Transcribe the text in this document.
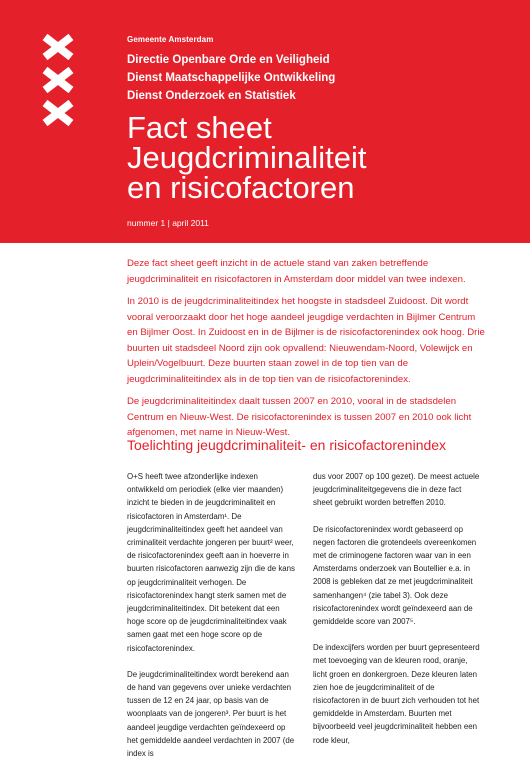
Gemeente Amsterdam
Directie Openbare Orde en Veiligheid
Dienst Maatschappelijke Ontwikkeling
Dienst Onderzoek en Statistiek
Fact sheet
Jeugdcriminaliteit
en risicofactoren
nummer 1 | april 2011

Deze fact sheet geeft inzicht in de actuele stand van zaken betreffende jeugdcriminaliteit en risicofactoren in Amsterdam door middel van twee indexen.

In 2010 is de jeugdcriminaliteitindex het hoogste in stadsdeel Zuidoost. Dit wordt vooral veroorzaakt door het hoge aandeel jeugdige verdachten in Bijlmer Centrum en Bijlmer Oost. In Zuidoost en in de Bijlmer is de risicofactorenindex ook hoog. Drie buurten uit stadsdeel Noord zijn ook opvallend: Nieuwendam-Noord, Volewijck en Uplein/Vogelbuurt. Deze buurten staan zowel in de top tien van de jeugdcriminaliteitindex als in de top tien van de risicofactorenindex.

De jeugdcriminaliteitindex daalt tussen 2007 en 2010, vooral in de stadsdelen Centrum en Nieuw-West. De risicofactorenindex is tussen 2007 en 2010 ook licht afgenomen, met name in Nieuw-West.

Toelichting jeugdcriminaliteit- en risicofactorenindex

O+S heeft twee afzonderlijke indexen ontwikkeld om periodiek (elke vier maanden) inzicht te bieden in de jeugdcriminaliteit en risicofactoren in Amsterdam¹. De jeugdcriminaliteitindex geeft het aandeel van criminaliteit verdachte jongeren per buurt² weer, de risicofactorenindex geeft aan in hoeverre in buurten risicofactoren aanwezig zijn die de kans op jeugdcriminaliteit verhogen. De risicofactorenindex hangt sterk samen met de jeugdcriminaliteitindex. Dit betekent dat een hoge score op de jeugdcriminaliteitindex vaak samen gaat met een hoge score op de risicofactorenindex.

De jeugdcriminaliteitindex wordt berekend aan de hand van gegevens over unieke verdachten tussen de 12 en 24 jaar, op basis van de woonplaats van de jongeren³. Per buurt is het aandeel jeugdige verdachten geïndexeerd op het gemiddelde aandeel verdachten in 2007 (de index is

dus voor 2007 op 100 gezet). De meest actuele jeugdcriminaliteitgegevens die in deze fact sheet gebruikt worden betreffen 2010.

De risicofactorenindex wordt gebaseerd op negen factoren die grotendeels overeenkomen met de criminogene factoren waar van in een Amsterdams onderzoek van Boutellier e.a. in 2008 is gebleken dat ze met jeugdcriminaliteit samenhangen⁴ (zie tabel 3). Ook deze risicofactorenindex wordt geïndexeerd aan de gemiddelde score van 2007⁵.

De indexcijfers worden per buurt gepresenteerd met toevoeging van de kleuren rood, oranje, licht groen en donkergroen. Deze kleuren laten zien hoe de jeugdcriminaliteit of de risicofactoren in de buurt zich verhouden tot het gemiddelde in Amsterdam. Buurten met bijvoorbeeld veel jeugdcriminaliteit hebben een rode kleur,
